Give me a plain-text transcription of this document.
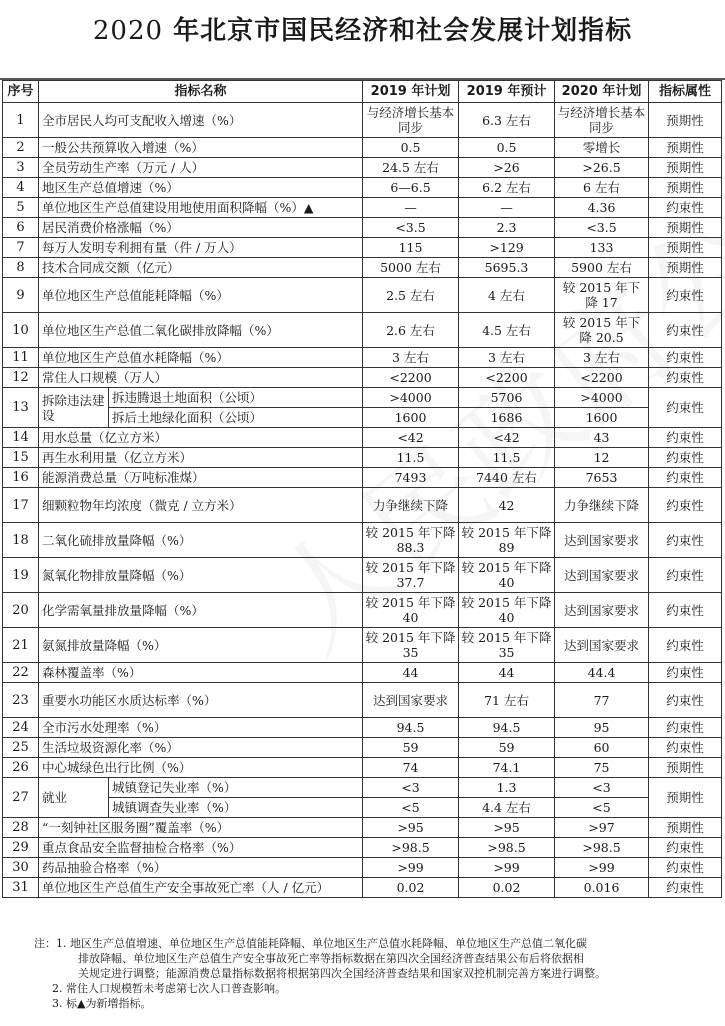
2020 年北京市国民经济和社会发展计划指标
序号	指标名称		2019 年计划	2019 年预计	2020 年计划	指标属性
1	全市居民人均可支配收入增速（%）		与经济增长基本同步	6.3 左右	与经济增长基本同步	预期性
2	一般公共预算收入增速（%）		0.5	0.5	零增长	预期性
3	全员劳动生产率（万元 / 人）		24.5 左右	>26	>26.5	预期性
4	地区生产总值增速（%）		6—6.5	6.2 左右	6 左右	预期性
5	单位地区生产总值建设用地使用面积降幅（%）▲		—	—	4.36	约束性
6	居民消费价格涨幅（%）		<3.5	2.3	<3.5	预期性
7	每万人发明专利拥有量（件 / 万人）		115	>129	133	预期性
8	技术合同成交额（亿元）		5000 左右	5695.3	5900 左右	预期性
9	单位地区生产总值能耗降幅（%）		2.5 左右	4 左右	较 2015 年下降 17	约束性
10	单位地区生产总值二氧化碳排放降幅（%）		2.6 左右	4.5 左右	较 2015 年下降 20.5	约束性
11	单位地区生产总值水耗降幅（%）		3 左右	3 左右	3 左右	约束性
12	常住人口规模（万人）		<2200	<2200	<2200	约束性
13	拆除违法建设	拆违腾退土地面积（公顷）	>4000	5706	>4000	约束性
		拆后土地绿化面积（公顷）	1600	1686	1600	
14	用水总量（亿立方米）		<42	<42	43	约束性
15	再生水利用量（亿立方米）		11.5	11.5	12	约束性
16	能源消费总量（万吨标准煤）		7493	7440 左右	7653	约束性
17	细颗粒物年均浓度（微克 / 立方米）		力争继续下降	42	力争继续下降	约束性
18	二氧化硫排放量降幅（%）		较 2015 年下降 88.3	较 2015 年下降 89	达到国家要求	约束性
19	氮氧化物排放量降幅（%）		较 2015 年下降 37.7	较 2015 年下降 40	达到国家要求	约束性
20	化学需氧量排放量降幅（%）		较 2015 年下降 40	较 2015 年下降 40	达到国家要求	约束性
21	氨氮排放量降幅（%）		较 2015 年下降 35	较 2015 年下降 35	达到国家要求	约束性
22	森林覆盖率（%）		44	44	44.4	约束性
23	重要水功能区水质达标率（%）		达到国家要求	71 左右	77	约束性
24	全市污水处理率（%）		94.5	94.5	95	约束性
25	生活垃圾资源化率（%）		59	59	60	约束性
26	中心城绿色出行比例（%）		74	74.1	75	预期性
27	就业	城镇登记失业率（%）	<3	1.3	<3	预期性
		城镇调查失业率（%）	<5	4.4 左右	<5	
28	“一刻钟社区服务圈”覆盖率（%）		>95	>95	>97	预期性
29	重点食品安全监督抽检合格率（%）		>98.5	>98.5	>98.5	约束性
30	药品抽验合格率（%）		>99	>99	>99	约束性
31	单位地区生产总值生产安全事故死亡率（人 / 亿元）		0.02	0.02	0.016	约束性
注：1. 地区生产总值增速、单位地区生产总值能耗降幅、单位地区生产总值水耗降幅、单位地区生产总值二氧化碳
排放降幅、单位地区生产总值生产安全事故死亡率等指标数据在第四次全国经济普查结果公布后将依据相
关规定进行调整；能源消费总量指标数据将根据第四次全国经济普查结果和国家双控机制完善方案进行调整。
2. 常住人口规模暂未考虑第七次人口普查影响。
3. 标▲为新增指标。
